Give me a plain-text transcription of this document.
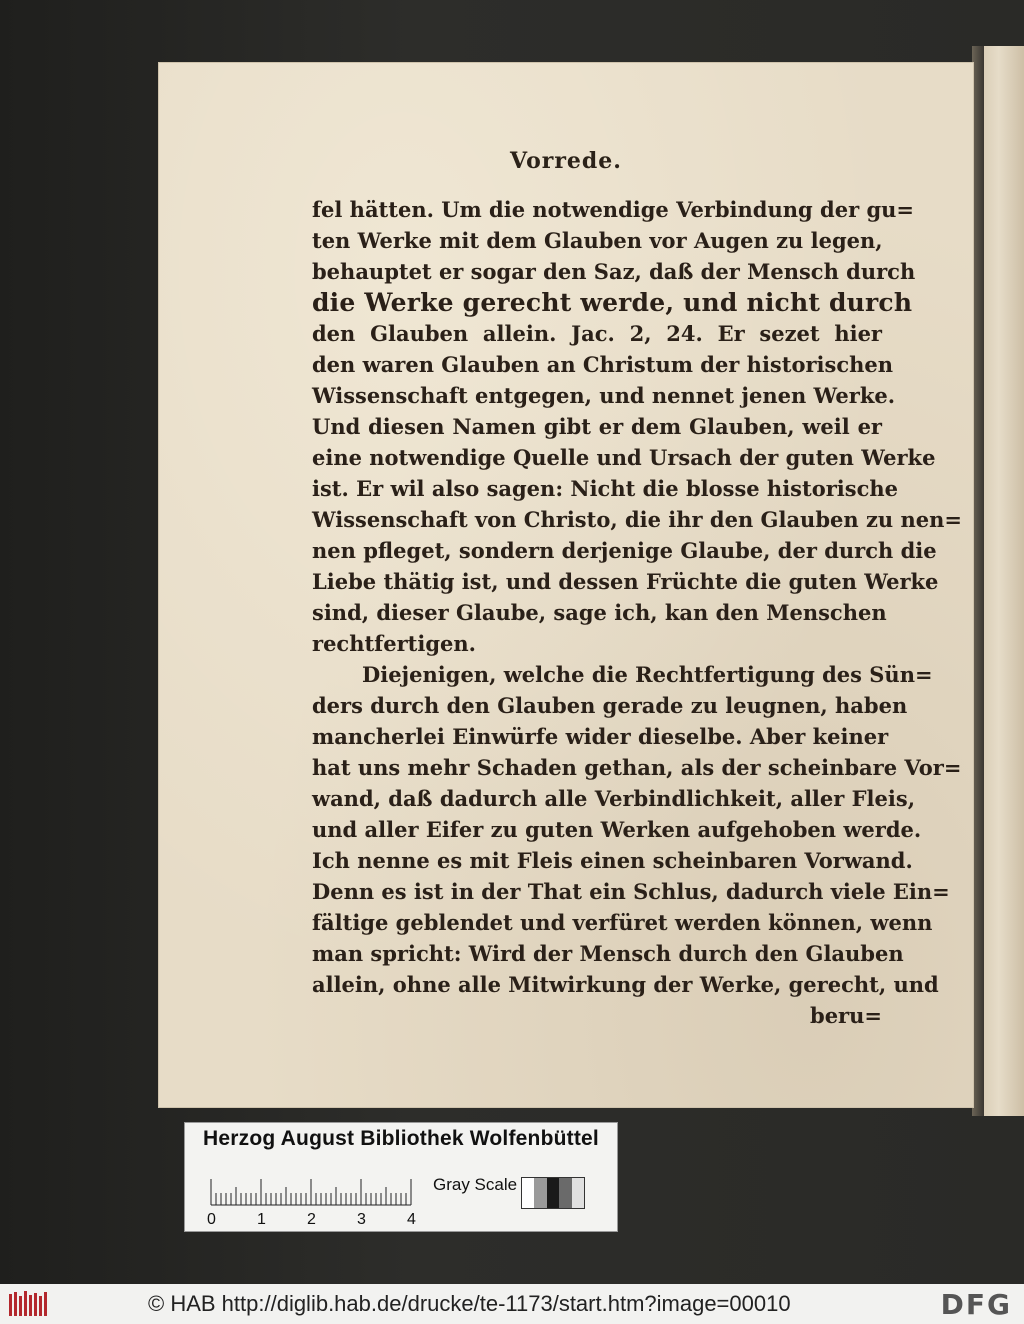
Vorrede.

fel hätten. Um die notwendige Verbindung der gu=
ten Werke mit dem Glauben vor Augen zu legen,
behauptet er sogar den Saz, daß der Mensch durch
die Werke gerecht werde, und nicht durch
den Glauben allein. Jac. 2, 24. Er sezet hier
den waren Glauben an Christum der historischen
Wissenschaft entgegen, und nennet jenen Werke.
Und diesen Namen gibt er dem Glauben, weil er
eine notwendige Quelle und Ursach der guten Werke
ist. Er wil also sagen: Nicht die blosse historische
Wissenschaft von Christo, die ihr den Glauben zu nen=
nen pfleget, sondern derjenige Glaube, der durch die
Liebe thätig ist, und dessen Früchte die guten Werke
sind, dieser Glaube, sage ich, kan den Menschen
rechtfertigen.
Diejenigen, welche die Rechtfertigung des Sün=
ders durch den Glauben gerade zu leugnen, haben
mancherlei Einwürfe wider dieselbe. Aber keiner
hat uns mehr Schaden gethan, als der scheinbare Vor=
wand, daß dadurch alle Verbindlichkeit, aller Fleis,
und aller Eifer zu guten Werken aufgehoben werde.
Ich nenne es mit Fleis einen scheinbaren Vorwand.
Denn es ist in der That ein Schlus, dadurch viele Ein=
fältige geblendet und verfüret werden können, wenn
man spricht: Wird der Mensch durch den Glauben
allein, ohne alle Mitwirkung der Werke, gerecht, und
beru=

Herzog August Bibliothek Wolfenbüttel
Gray Scale
0	1	2	3	4
© HAB http://diglib.hab.de/drucke/te-1173/start.htm?image=00010	DFG
